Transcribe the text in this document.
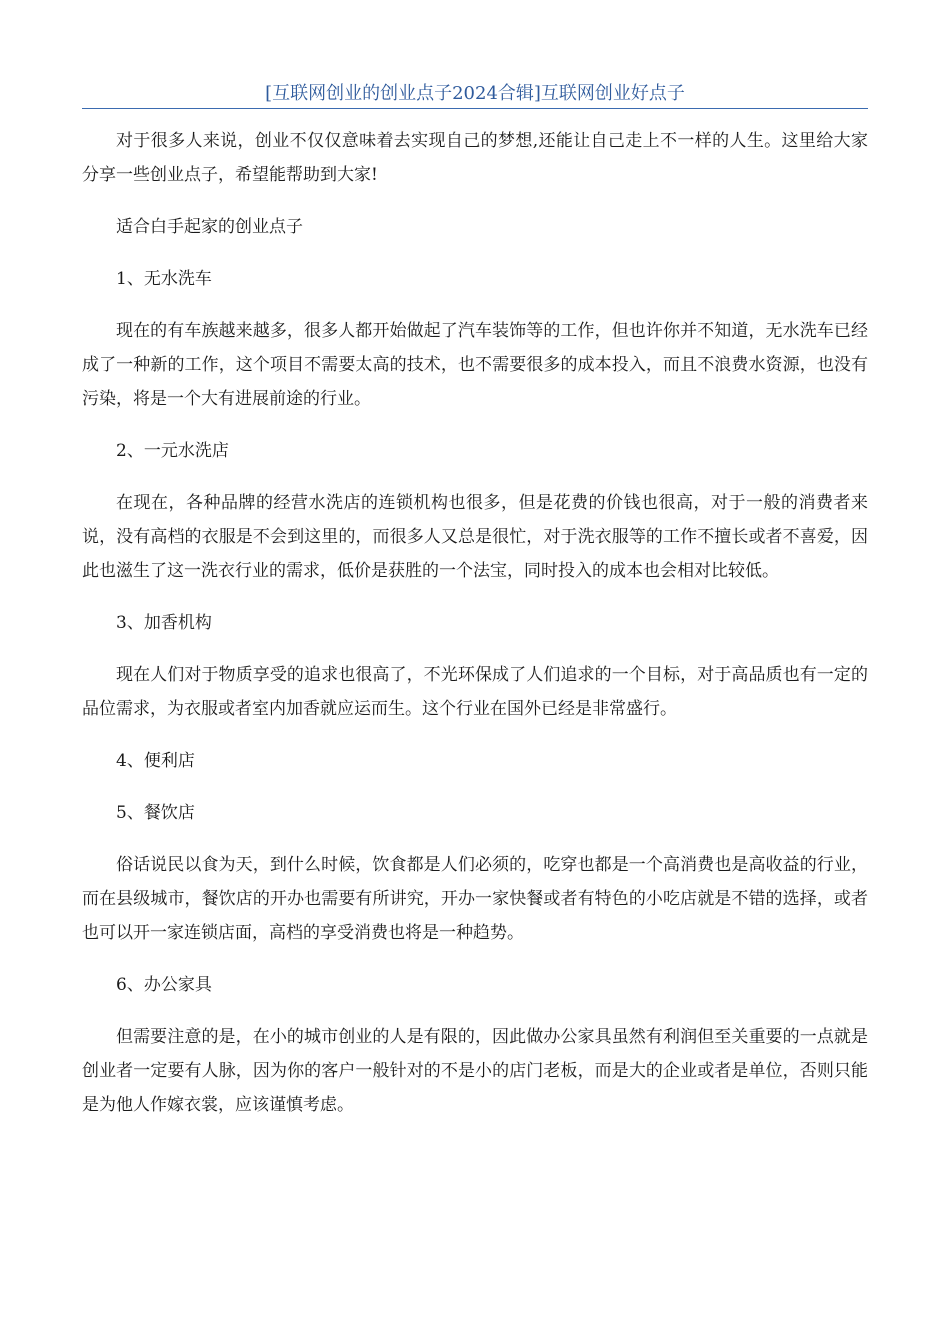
[互联网创业的创业点子2024合辑]互联网创业好点子

对于很多人来说，创业不仅仅意味着去实现自己的梦想,还能让自己走上不一样的人生。这里给大家分享一些创业点子，希望能帮助到大家!

适合白手起家的创业点子

1、无水洗车

现在的有车族越来越多，很多人都开始做起了汽车装饰等的工作，但也许你并不知道，无水洗车已经成了一种新的工作，这个项目不需要太高的技术，也不需要很多的成本投入，而且不浪费水资源，也没有污染，将是一个大有进展前途的行业。

2、一元水洗店

在现在，各种品牌的经营水洗店的连锁机构也很多，但是花费的价钱也很高，对于一般的消费者来说，没有高档的衣服是不会到这里的，而很多人又总是很忙，对于洗衣服等的工作不擅长或者不喜爱，因此也滋生了这一洗衣行业的需求，低价是获胜的一个法宝，同时投入的成本也会相对比较低。

3、加香机构

现在人们对于物质享受的追求也很高了，不光环保成了人们追求的一个目标，对于高品质也有一定的品位需求，为衣服或者室内加香就应运而生。这个行业在国外已经是非常盛行。

4、便利店

5、餐饮店

俗话说民以食为天，到什么时候，饮食都是人们必须的，吃穿也都是一个高消费也是高收益的行业，而在县级城市，餐饮店的开办也需要有所讲究，开办一家快餐或者有特色的小吃店就是不错的选择，或者也可以开一家连锁店面，高档的享受消费也将是一种趋势。

6、办公家具

但需要注意的是，在小的城市创业的人是有限的，因此做办公家具虽然有利润但至关重要的一点就是创业者一定要有人脉，因为你的客户一般针对的不是小的店门老板，而是大的企业或者是单位，否则只能是为他人作嫁衣裳，应该谨慎考虑。
